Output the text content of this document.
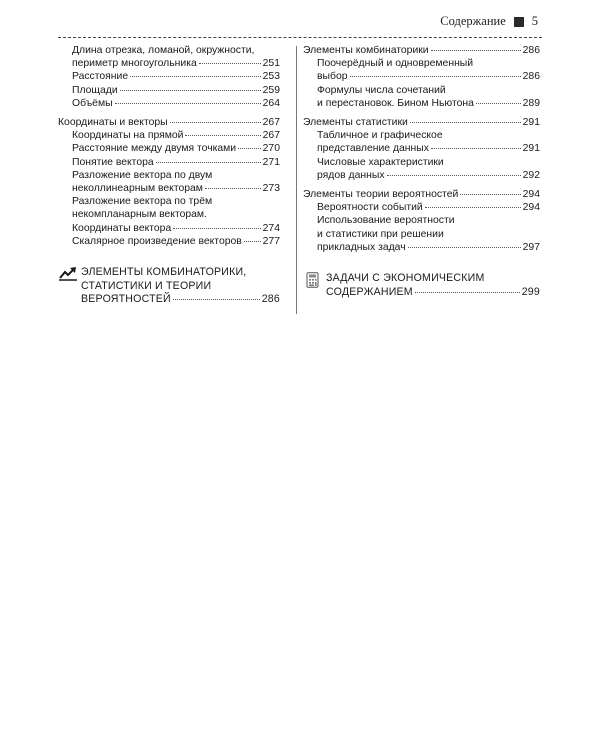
Содержание 5
Длина отрезка, ломаной, окружности,
периметр многоугольника	251
Расстояние	253
Площади	259
Объёмы	264
Координаты и векторы	267
Координаты на прямой	267
Расстояние между двумя точками	270
Понятие вектора	271
Разложение вектора по двум
неколлинеарным векторам	273
Разложение вектора по трём
некомпланарным векторам.
Координаты вектора	274
Скалярное произведение векторов 277
ЭЛЕМЕНТЫ КОМБИНАТОРИКИ,
СТАТИСТИКИ И ТЕОРИИ
ВЕРОЯТНОСТЕЙ	286
Элементы комбинаторики	286
Поочерёдный и одновременный
выбор	286
Формулы числа сочетаний
и перестановок. Бином Ньютона	289
Элементы статистики	291
Табличное и графическое
представление данных	291
Числовые характеристики
рядов данных	292
Элементы теории вероятностей	294
Вероятности событий	294
Использование вероятности
и статистики при решении
прикладных задач	297
ЗАДАЧИ С ЭКОНОМИЧЕСКИМ
СОДЕРЖАНИЕМ	299
